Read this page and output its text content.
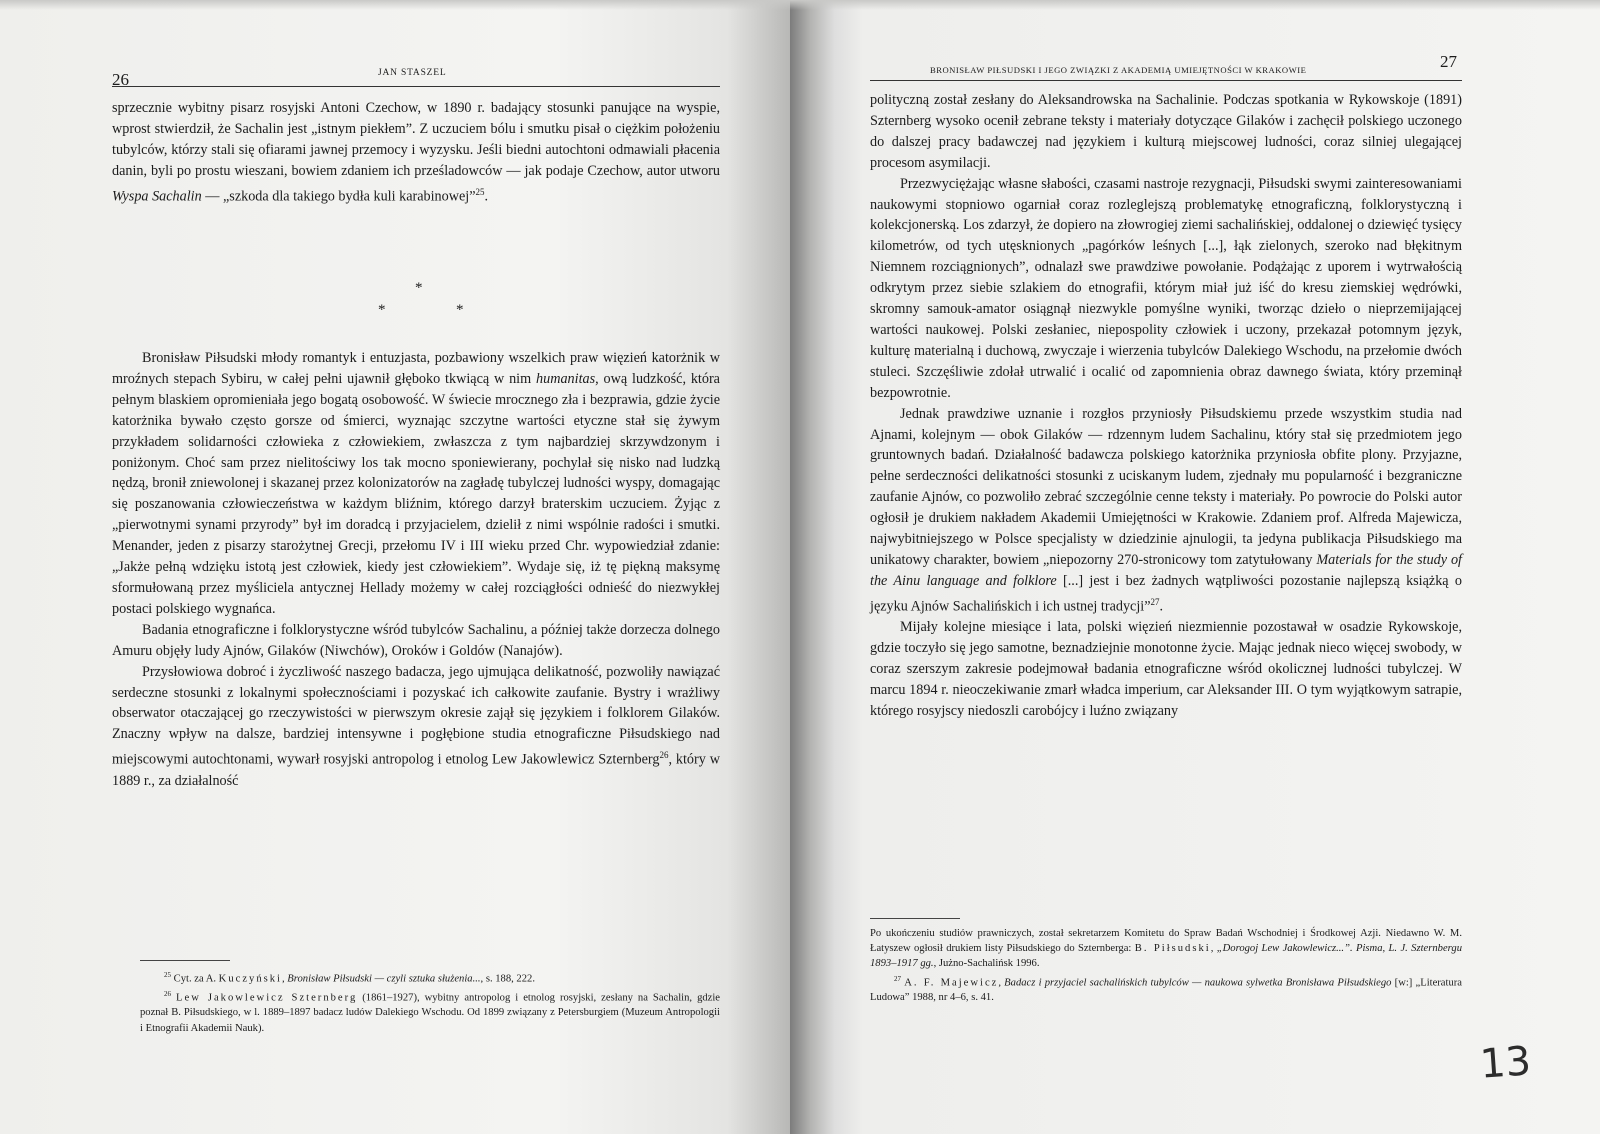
26	JAN STASZEL

sprzecznie wybitny pisarz rosyjski Antoni Czechow, w 1890 r. badający stosunki panujące na wyspie, wprost stwierdził, że Sachalin jest „istnym piekłem”. Z uczuciem bólu i smutku pisał o ciężkim położeniu tubylców, którzy stali się ofiarami jawnej przemocy i wyzysku. Jeśli biedni autochtoni odmawiali płacenia danin, byli po prostu wieszani, bowiem zdaniem ich prześladowców — jak podaje Czechow, autor utworu Wyspa Sachalin — „szkoda dla takiego bydła kuli karabinowej”$^{25}$.

*
*	*

Bronisław Piłsudski młody romantyk i entuzjasta, pozbawiony wszelkich praw więzień katorżnik w mroźnych stepach Sybiru, w całej pełni ujawnił głęboko tkwiącą w nim humanitas, ową ludzkość, która pełnym blaskiem opromieniała jego bogatą osobowość. W świecie mrocznego zła i bezprawia, gdzie życie katorżnika bywało często gorsze od śmierci, wyznając szczytne wartości etyczne stał się żywym przykładem solidarności człowieka z człowiekiem, zwłaszcza z tym najbardziej skrzywdzonym i poniżonym. Choć sam przez nielitościwy los tak mocno sponiewierany, pochylał się nisko nad ludzką nędzą, bronił zniewolonej i skazanej przez kolonizatorów na zagładę tubylczej ludności wyspy, domagając się poszanowania człowieczeństwa w każdym bliźnim, którego darzył braterskim uczuciem. Żyjąc z „pierwotnymi synami przyrody” był im doradcą i przyjacielem, dzielił z nimi wspólnie radości i smutki. Menander, jeden z pisarzy starożytnej Grecji, przełomu IV i III wieku przed Chr. wypowiedział zdanie: „Jakże pełną wdzięku istotą jest człowiek, kiedy jest człowiekiem”. Wydaje się, iż tę piękną maksymę sformułowaną przez myśliciela antycznej Hellady możemy w całej rozciągłości odnieść do niezwykłej postaci polskiego wygnańca.

Badania etnograficzne i folklorystyczne wśród tubylców Sachalinu, a później także dorzecza dolnego Amuru objęły ludy Ajnów, Gilaków (Niwchów), Oroków i Goldów (Nanajów).

Przysłowiowa dobroć i życzliwość naszego badacza, jego ujmująca delikatność, pozwoliły nawiązać serdeczne stosunki z lokalnymi społecznościami i pozyskać ich całkowite zaufanie. Bystry i wrażliwy obserwator otaczającej go rzeczywistości w pierwszym okresie zajął się językiem i folklorem Gilaków. Znaczny wpływ na dalsze, bardziej intensywne i pogłębione studia etnograficzne Piłsudskiego nad miejscowymi autochtonami, wywarł rosyjski antropolog i etnolog Lew Jakowlewicz Szternberg$^{26}$, który w 1889 r., za działalność

$^{25}$ Cyt. za A. Kuczyński, Bronisław Piłsudski — czyli sztuka służenia..., s. 188, 222.

$^{26}$ Lew Jakowlewicz Szternberg (1861–1927), wybitny antropolog i etnolog rosyjski, zesłany na Sachalin, gdzie poznał B. Piłsudskiego, w l. 1889–1897 badacz ludów Dalekiego Wschodu. Od 1899 związany z Petersburgiem (Muzeum Antropologii i Etnografii Akademii Nauk).

BRONISŁAW PIŁSUDSKI I JEGO ZWIĄZKI Z AKADEMIĄ UMIEJĘTNOŚCI W KRAKOWIE	27

polityczną został zesłany do Aleksandrowska na Sachalinie. Podczas spotkania w Rykowskoje (1891) Szternberg wysoko ocenił zebrane teksty i materiały dotyczące Gilaków i zachęcił polskiego uczonego do dalszej pracy badawczej nad językiem i kulturą miejscowej ludności, coraz silniej ulegającej procesom asymilacji.

Przezwyciężając własne słabości, czasami nastroje rezygnacji, Piłsudski swymi zainteresowaniami naukowymi stopniowo ogarniał coraz rozleglejszą problematykę etnograficzną, folklorystyczną i kolekcjonerską. Los zdarzył, że dopiero na złowrogiej ziemi sachalińskiej, oddalonej o dziewięć tysięcy kilometrów, od tych utęsknionych „pagórków leśnych [...], łąk zielonych, szeroko nad błękitnym Niemnem rozciągnionych”, odnalazł swe prawdziwe powołanie. Podążając z uporem i wytrwałością odkrytym przez siebie szlakiem do etnografii, którym miał już iść do kresu ziemskiej wędrówki, skromny samouk-amator osiągnął niezwykle pomyślne wyniki, tworząc dzieło o nieprzemijającej wartości naukowej. Polski zesłaniec, niepospolity człowiek i uczony, przekazał potomnym język, kulturę materialną i duchową, zwyczaje i wierzenia tubylców Dalekiego Wschodu, na przełomie dwóch stuleci. Szczęśliwie zdołał utrwalić i ocalić od zapomnienia obraz dawnego świata, który przeminął bezpowrotnie.

Jednak prawdziwe uznanie i rozgłos przyniosły Piłsudskiemu przede wszystkim studia nad Ajnami, kolejnym — obok Gilaków — rdzennym ludem Sachalinu, który stał się przedmiotem jego gruntownych badań. Działalność badawcza polskiego katorżnika przyniosła obfite plony. Przyjazne, pełne serdeczności delikatności stosunki z uciskanym ludem, zjednały mu popularność i bezgraniczne zaufanie Ajnów, co pozwoliło zebrać szczególnie cenne teksty i materiały. Po powrocie do Polski autor ogłosił je drukiem nakładem Akademii Umiejętności w Krakowie. Zdaniem prof. Alfreda Majewicza, najwybitniejszego w Polsce specjalisty w dziedzinie ajnulogii, ta jedyna publikacja Piłsudskiego ma unikatowy charakter, bowiem „niepozorny 270-stronicowy tom zatytułowany Materials for the study of the Ainu language and folklore [...] jest i bez żadnych wątpliwości pozostanie najlepszą książką o języku Ajnów Sachalińskich i ich ustnej tradycji”$^{27}$.

Mijały kolejne miesiące i lata, polski więzień niezmiennie pozostawał w osadzie Rykowskoje, gdzie toczyło się jego samotne, beznadziejnie monotonne życie. Mając jednak nieco więcej swobody, w coraz szerszym zakresie podejmował badania etnograficzne wśród okolicznej ludności tubylczej. W marcu 1894 r. nieoczekiwanie zmarł władca imperium, car Aleksander III. O tym wyjątkowym satrapie, którego rosyjscy niedoszli carobójcy i luźno związany

Po ukończeniu studiów prawniczych, został sekretarzem Komitetu do Spraw Badań Wschodniej i Środkowej Azji. Niedawno W. M. Łatyszew ogłosił drukiem listy Piłsudskiego do Szternberga: B. Piłsudski, „Dorogoj Lew Jakowlewicz...”. Pisma, L. J. Szternbergu 1893–1917 gg., Jużno-Sachalińsk 1996.

$^{27}$ A. F. Majewicz, Badacz i przyjaciel sachalińskich tubylców — naukowa sylwetka Bronisława Piłsudskiego [w:] „Literatura Ludowa” 1988, nr 4–6, s. 41.

13
